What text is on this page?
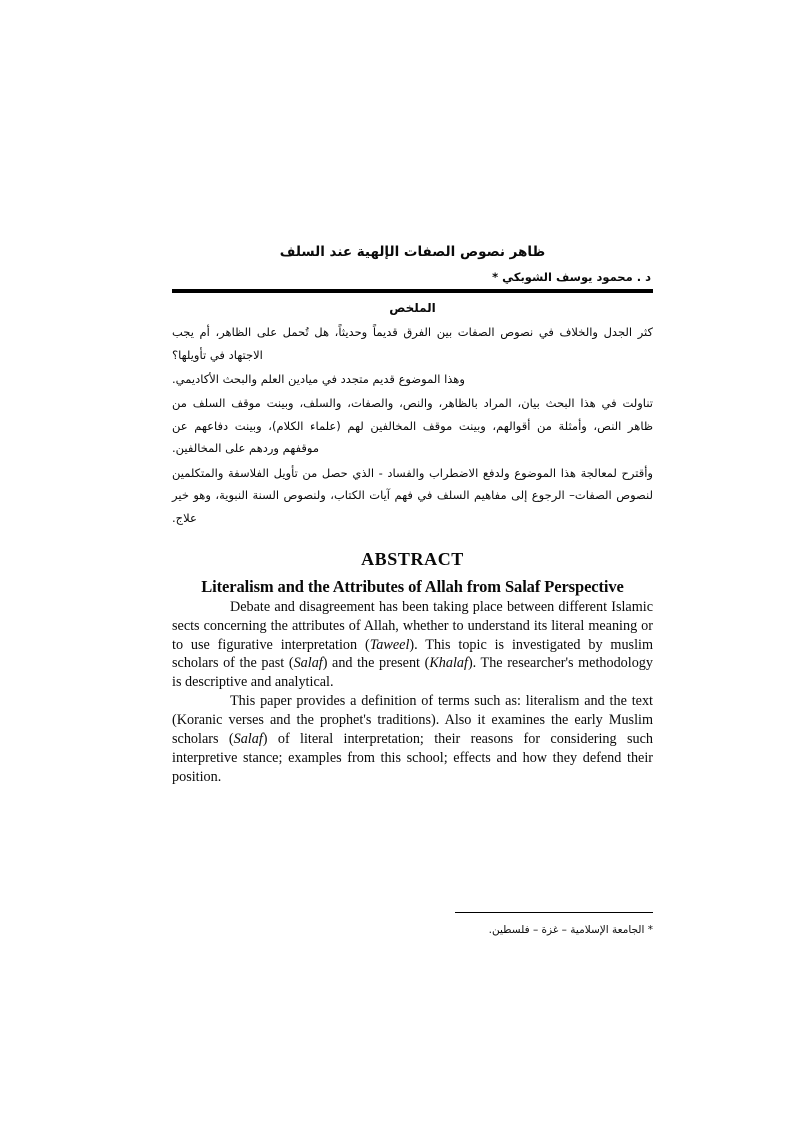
ظاهر نصوص الصفات الإلهية عند السلف
د . محمود يوسف الشوبكي *
الملخص

كثر الجدل والخلاف في نصوص الصفات بين الفرق قديماً وحديثاً، هل تُحمل على الظاهر، أم يجب الاجتهاد في تأويلها؟

وهذا الموضوع قديم متجدد في ميادين العلم والبحث الأكاديمي.

تناولت في هذا البحث بيان، المراد بالظاهر، والنص، والصفات، والسلف، وبينت موقف السلف من ظاهر النص، وأمثلة من أقوالهم، وبينت موقف المخالفين لهم (علماء الكلام)، وبينت دفاعهم عن موقفهم وردهم على المخالفين.

وأقترح لمعالجة هذا الموضوع ولدفع الاضطراب والفساد - الذي حصل من تأويل الفلاسفة والمتكلمين لنصوص الصفات– الرجوع إلى مفاهيم السلف في فهم آيات الكتاب، ولنصوص السنة النبوية، وهو خير علاج.

ABSTRACT
Literalism and the Attributes of Allah from Salaf Perspective

Debate and disagreement has been taking place between different Islamic sects concerning the attributes of Allah, whether to understand its literal meaning or to use figurative interpretation (Taweel). This topic is investigated by muslim scholars of the past (Salaf) and the present (Khalaf). The researcher's methodology is descriptive and analytical.

This paper provides a definition of terms such as: literalism and the text (Koranic verses and the prophet's traditions). Also it examines the early Muslim scholars (Salaf) of literal interpretation; their reasons for considering such interpretive stance; examples from this school; effects and how they defend their position.

* الجامعة الإسلامية – غزة – فلسطين.
